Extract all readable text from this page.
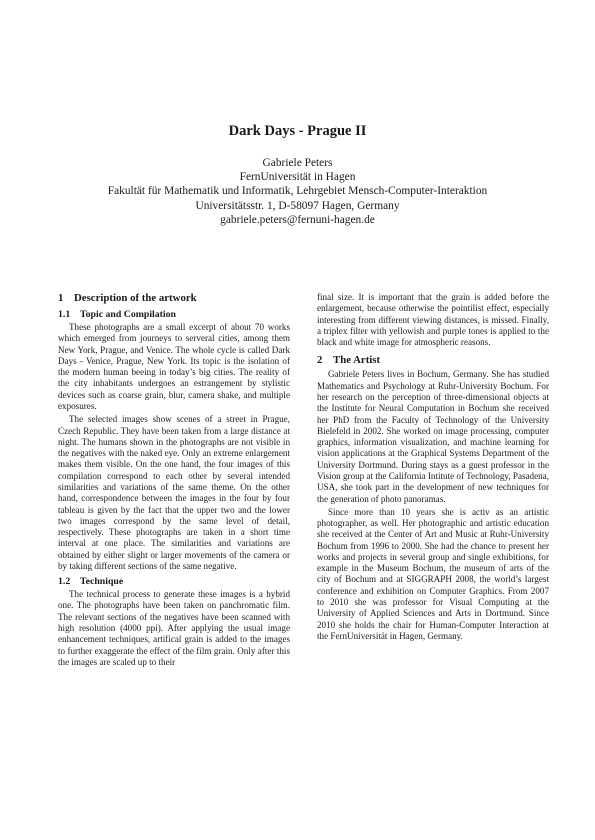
Dark Days - Prague II
Gabriele Peters
FernUniversität in Hagen
Fakultät für Mathematik und Informatik, Lehrgebiet Mensch-Computer-Interaktion
Universitätsstr. 1, D-58097 Hagen, Germany
gabriele.peters@fernuni-hagen.de
1 Description of the artwork
1.1 Topic and Compilation

These photographs are a small excerpt of about 70 works which emerged from journeys to serveral cities, among them New York, Prague, and Venice. The whole cycle is called Dark Days - Venice, Prague, New York. Its topic is the isolation of the modern human beeing in today’s big cities. The reality of the city inhabitants undergoes an estrangement by stylistic devices such as coarse grain, blur, camera shake, and multiple exposures.

The selected images show scenes of a street in Prague, Czech Republic. They have been taken from a large distance at night. The humans shown in the photographs are not visible in the negatives with the naked eye. Only an extreme enlargement makes them visible. On the one hand, the four images of this compilation correspond to each other by several intended similarities and variations of the same theme. On the other hand, correspondence between the images in the four by four tableau is given by the fact that the upper two and the lower two images correspond by the same level of detail, respectively. These photographs are taken in a short time interval at one place. The similarities and variations are obtained by either slight or larger movements of the camera or by taking different sections of the same negative.

1.2 Technique

The technical process to generate these images is a hybrid one. The photographs have been taken on panchromatic film. The relevant sections of the negatives have been scanned with high resolution (4000 ppi). After applying the usual image enhancement techniques, artifical grain is added to the images to further exaggerate the effect of the film grain. Only after this the images are scaled up to their

final size. It is important that the grain is added before the enlargement, because otherwise the pointilist effect, especially interesting from different viewing distances, is missed. Finally, a triplex filter with yellowish and purple tones is applied to the black and white image for atmospheric reasons.

2 The Artist

Gabriele Peters lives in Bochum, Germany. She has studied Mathematics and Psychology at Ruhr-University Bochum. For her research on the perception of three-dimensional objects at the Institute for Neural Computation in Bochum she received her PhD from the Faculty of Technology of the University Bielefeld in 2002. She worked on image processing, computer graphics, information visualization, and machine learning for vision applications at the Graphical Systems Department of the University Dortmund. During stays as a guest professor in the Vision group at the California Intitute of Technology, Pasadena, USA, she took part in the development of new techniques for the generation of photo panoramas.

Since more than 10 years she is activ as an artistic photographer, as well. Her photographic and artistic education she received at the Center of Art and Music at Ruhr-University Bochum from 1996 to 2000. She had the chance to present her works and projects in several group and single exhibitions, for example in the Museum Bochum, the museum of arts of the city of Bochum and at SIGGRAPH 2008, the world’s largest conference and exhibition on Computer Graphics. From 2007 to 2010 she was professor for Visual Computing at the University of Applied Sciences and Arts in Dortmund. Since 2010 she holds the chair for Human-Computer Interaction at the FernUniversität in Hagen, Germany.
